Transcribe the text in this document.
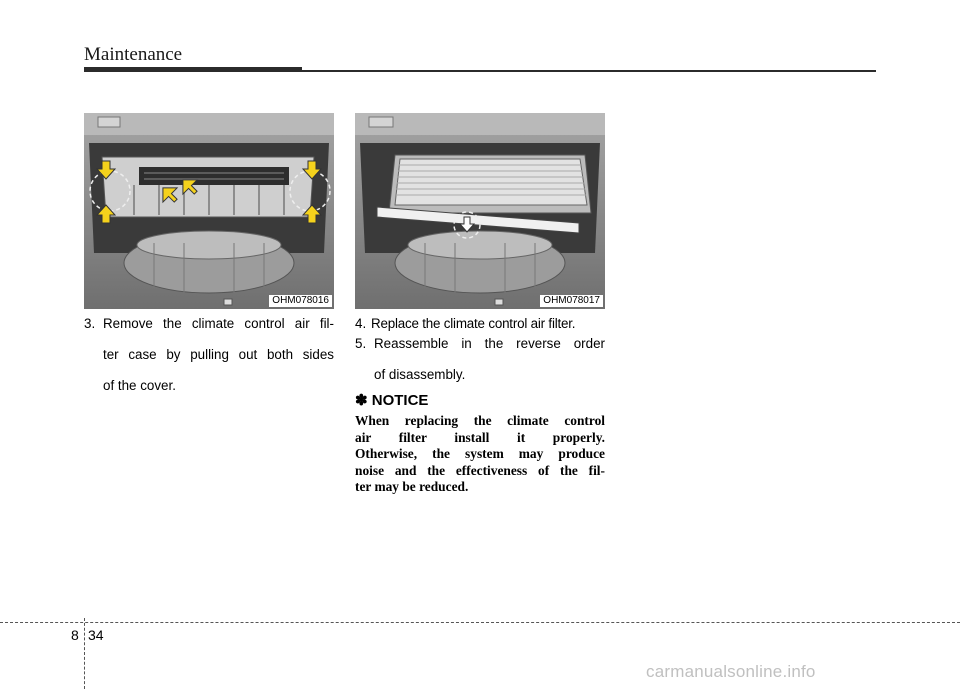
Maintenance
OHM078016	OHM078017
3. Remove the climate control air fil-
ter case by pulling out both sides
of the cover.
4. Replace the climate control air filter.
5. Reassemble in the reverse order
of disassembly.
✽ NOTICE
When replacing the climate control
air filter install it properly.
Otherwise, the system may produce
noise and the effectiveness of the fil-
ter may be reduced.
8 34
carmanualsonline.info
